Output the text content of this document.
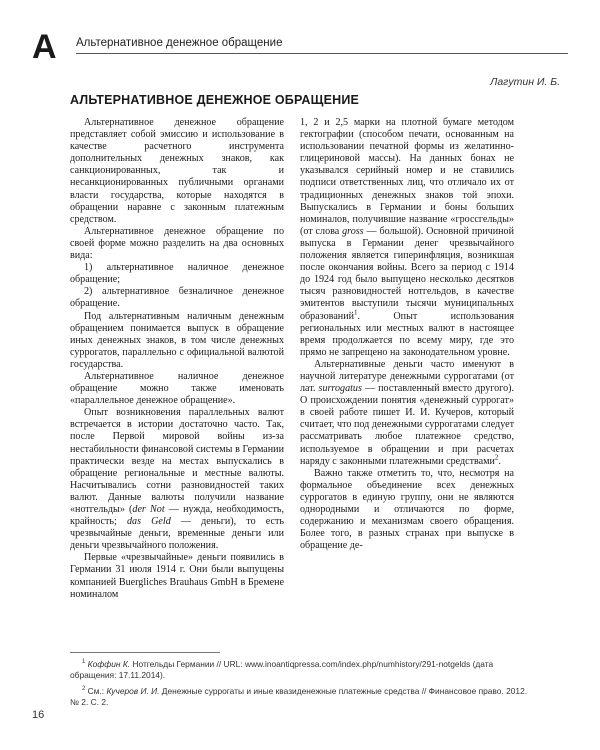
А Альтернативное денежное обращение
Лагутин И. Б.
АЛЬТЕРНАТИВНОЕ ДЕНЕЖНОЕ ОБРАЩЕНИЕ

Альтернативное денежное обращение представляет собой эмиссию и использование в качестве расчетного инструмента дополнительных денежных знаков, как санкционированных, так и несанкционированных публичными органами власти государства, которые находятся в обращении наравне с законным платежным средством.

Альтернативное денежное обращение по своей форме можно разделить на два основных вида:

1) альтернативное наличное денежное обращение;

2) альтернативное безналичное денежное обращение.

Под альтернативным наличным денежным обращением понимается выпуск в обращение иных денежных знаков, в том числе денежных суррогатов, параллельно с официальной валютой государства.

Альтернативное наличное денежное обращение можно также именовать «параллельное денежное обращение».

Опыт возникновения параллельных валют встречается в истории достаточно часто. Так, после Первой мировой войны из-за нестабильности финансовой системы в Германии практически везде на местах выпускались в обращение региональные и местные валюты. Насчитывались сотни разновидностей таких валют. Данные валюты получили название «нотгельды» (der Not — нужда, необходимость, крайность; das Geld — деньги), то есть чрезвычайные деньги, временные деньги или деньги чрезвычайного положения.

Первые «чрезвычайные» деньги появились в Германии 31 июля 1914 г. Они были выпущены компанией Buergliches Brauhaus GmbH в Бремене номиналом

1, 2 и 2,5 марки на плотной бумаге методом гектографии (способом печати, основанным на использовании печатной формы из желатинно-глицериновой массы). На данных бонах не указывался серийный номер и не ставились подписи ответственных лиц, что отличало их от традиционных денежных знаков той эпохи. Выпускались в Германии и боны больших номиналов, получившие название «гроссгельды» (от слова gross — большой). Основной причиной выпуска в Германии денег чрезвычайного положения является гиперинфляция, возникшая после окончания войны. Всего за период с 1914 до 1924 год было выпущено несколько десятков тысяч разновидностей нотгельдов, в качестве эмитентов выступили тысячи муниципальных образований$^1$. Опыт использования региональных или местных валют в настоящее время продолжается по всему миру, где это прямо не запрещено на законодательном уровне.

Альтернативные деньги часто именуют в научной литературе денежными суррогатами (от лат. surrogatus — поставленный вместо другого). О происхождении понятия «денежный суррогат» в своей работе пишет И. И. Кучеров, который считает, что под денежными суррогатами следует рассматривать любое платежное средство, используемое в обращении и при расчетах наряду с законными платежными средствами$^2$.

Важно также отметить то, что, несмотря на формальное объединение всех денежных суррогатов в единую группу, они не являются однородными и отличаются по форме, содержанию и механизмам своего обращения. Более того, в разных странах при выпуске в обращение де-

$^1$ Коффин К. Нотгельды Германии // URL: www.inoantiqpressa.com/index.php/numhistory/291-notgelds (дата обращения: 17.11.2014).

$^2$ См.: Кучеров И. И. Денежные суррогаты и иные квазиденежные платежные средства // Финансовое право. 2012. № 2. С. 2.

16
